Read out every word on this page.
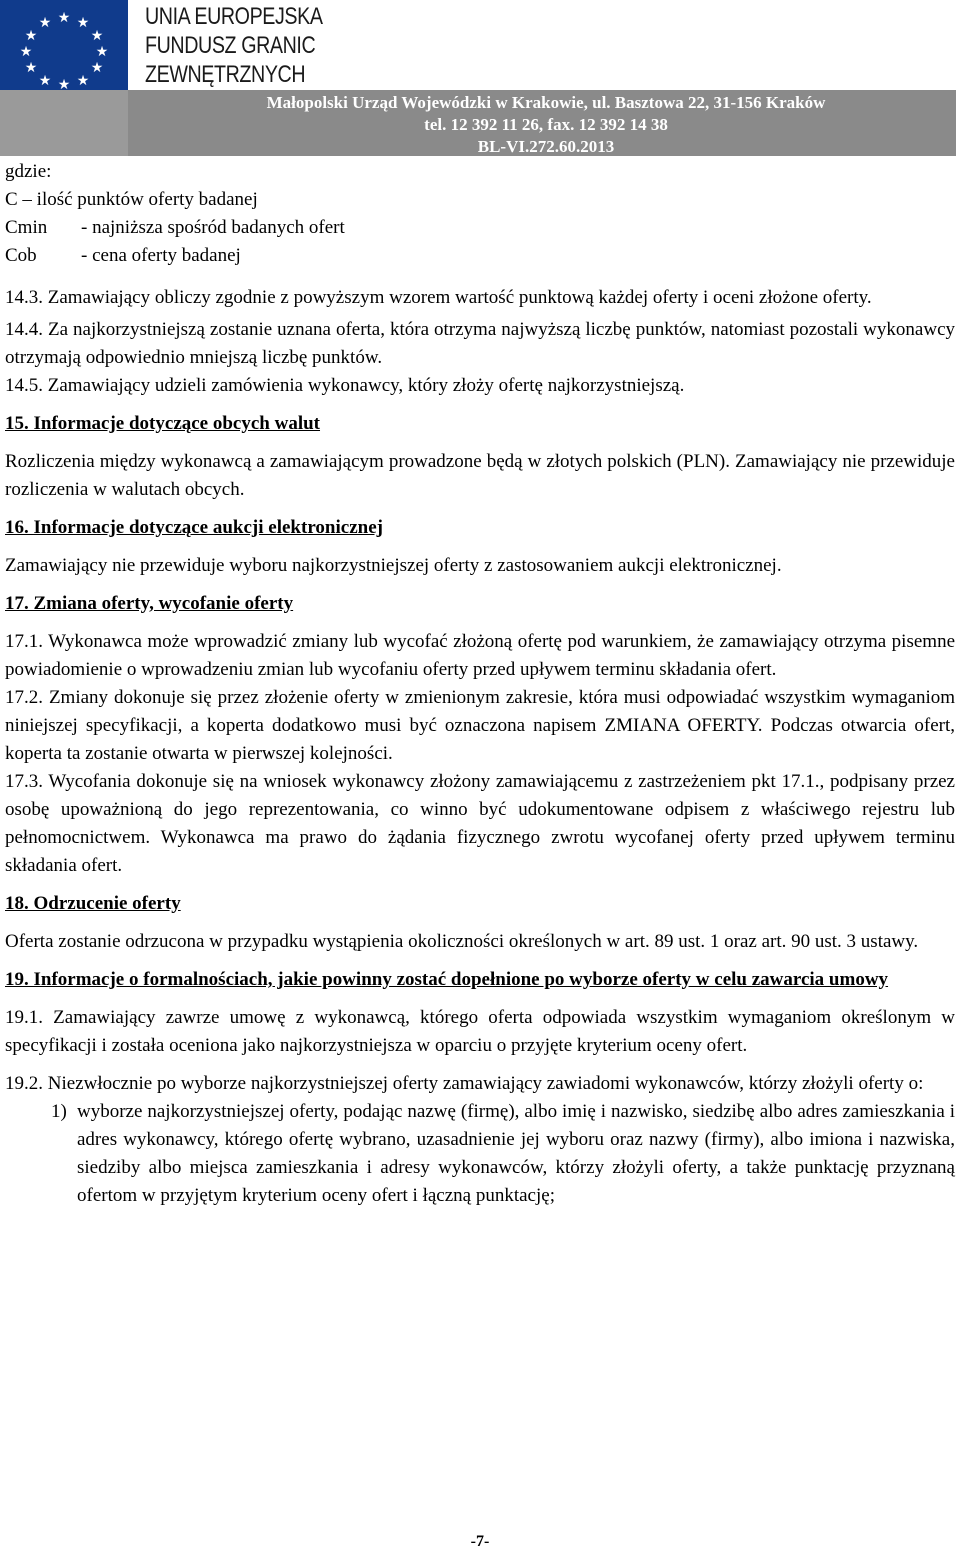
★ ★
★
★
★
★
★
★
★
★
★
★	UNIA EUROPEJSKA
FUNDUSZ GRANIC
ZEWNĘTRZNYCH
Małopolski Urząd Wojewódzki w Krakowie, ul. Basztowa 22, 31-156 Kraków
tel. 12 392 11 26, fax. 12 392 14 38
BL-VI.272.60.2013

gdzie:

C – ilość punktów oferty badanej

Cmin - najniższa spośród badanych ofert

Cob - cena oferty badanej

14.3. Zamawiający obliczy zgodnie z powyższym wzorem wartość punktową każdej oferty i oceni złożone oferty.

14.4. Za najkorzystniejszą zostanie uznana oferta, która otrzyma najwyższą liczbę punktów, natomiast pozostali wykonawcy otrzymają odpowiednio mniejszą liczbę punktów.

14.5. Zamawiający udzieli zamówienia wykonawcy, który złoży ofertę najkorzystniejszą.

15. Informacje dotyczące obcych walut

Rozliczenia między wykonawcą a zamawiającym prowadzone będą w złotych polskich (PLN). Zamawiający nie przewiduje rozliczenia w walutach obcych.

16. Informacje dotyczące aukcji elektronicznej

Zamawiający nie przewiduje wyboru najkorzystniejszej oferty z zastosowaniem aukcji elektronicznej.

17. Zmiana oferty, wycofanie oferty

17.1. Wykonawca może wprowadzić zmiany lub wycofać złożoną ofertę pod warunkiem, że zamawiający otrzyma pisemne powiadomienie o wprowadzeniu zmian lub wycofaniu oferty przed upływem terminu składania ofert.

17.2. Zmiany dokonuje się przez złożenie oferty w zmienionym zakresie, która musi odpowiadać wszystkim wymaganiom niniejszej specyfikacji, a koperta dodatkowo musi być oznaczona napisem ZMIANA OFERTY. Podczas otwarcia ofert, koperta ta zostanie otwarta w pierwszej kolejności.

17.3. Wycofania dokonuje się na wniosek wykonawcy złożony zamawiającemu z zastrzeżeniem pkt 17.1., podpisany przez osobę upoważnioną do jego reprezentowania, co winno być udokumentowane odpisem z właściwego rejestru lub pełnomocnictwem. Wykonawca ma prawo do żądania fizycznego zwrotu wycofanej oferty przed upływem terminu składania ofert.

18. Odrzucenie oferty

Oferta zostanie odrzucona w przypadku wystąpienia okoliczności określonych w art. 89 ust. 1 oraz art. 90 ust. 3 ustawy.

19. Informacje o formalnościach, jakie powinny zostać dopełnione po wyborze oferty w celu zawarcia umowy

19.1. Zamawiający zawrze umowę z wykonawcą, którego oferta odpowiada wszystkim wymaganiom określonym w specyfikacji i została oceniona jako najkorzystniejsza w oparciu o przyjęte kryterium oceny ofert.

19.2. Niezwłocznie po wyborze najkorzystniejszej oferty zamawiający zawiadomi wykonawców, którzy złożyli oferty o:

1) wyborze najkorzystniejszej oferty, podając nazwę (firmę), albo imię i nazwisko, siedzibę albo adres zamieszkania i adres wykonawcy, którego ofertę wybrano, uzasadnienie jej wyboru oraz nazwy (firmy), albo imiona i nazwiska, siedziby albo miejsca zamieszkania i adresy wykonawców, którzy złożyli oferty, a także punktację przyznaną ofertom w przyjętym kryterium oceny ofert i łączną punktację;
-7-
